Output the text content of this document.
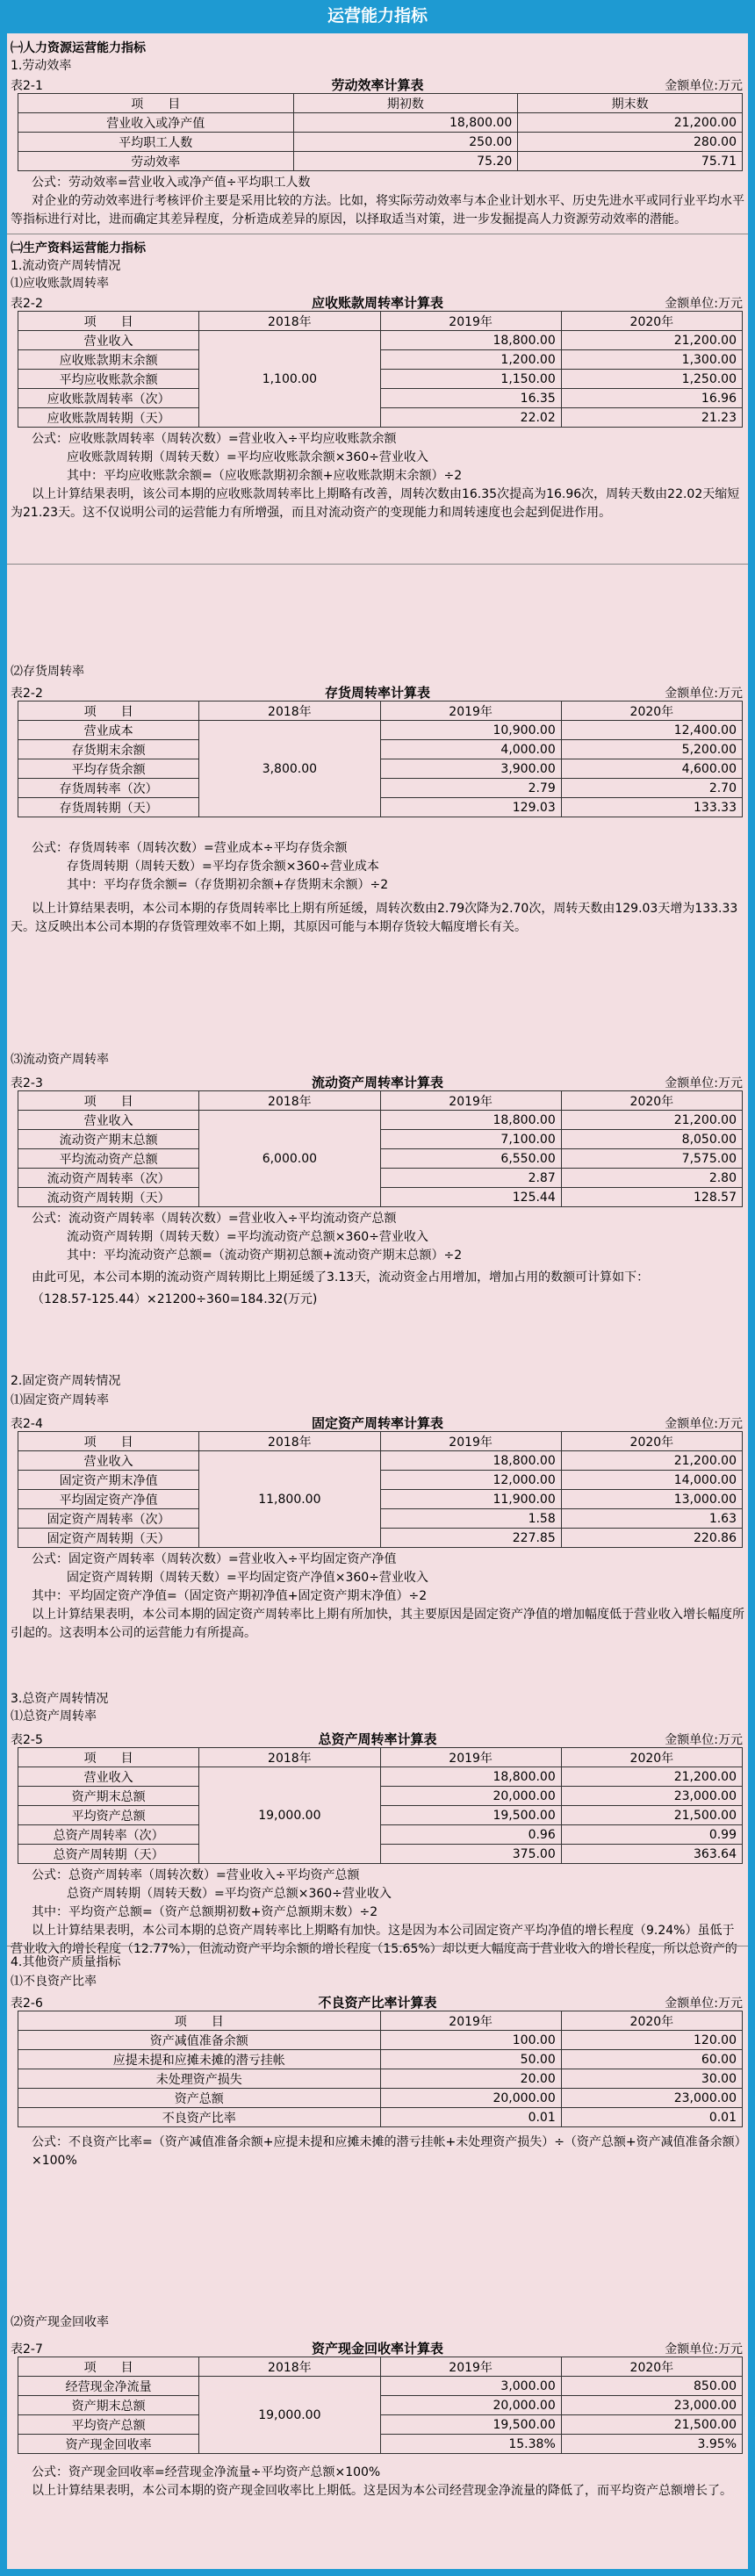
运营能力指标
㈠人力资源运营能力指标
1.劳动效率
表2-1	劳动效率计算表	金额单位:万元
项　　目	期初数	期末数
营业收入或净产值	18,800.00	21,200.00
平均职工人数	250.00	280.00
劳动效率	75.20	75.71
公式：劳动效率=营业收入或净产值÷平均职工人数
对企业的劳动效率进行考核评价主要是采用比较的方法。比如，将实际劳动效率与本企业计划水平、历史先进水平或同行业平均水平等指标进行对比，进而确定其差异程度，分析造成差异的原因，以择取适当对策，进一步发掘提高人力资源劳动效率的潜能。
㈡生产资料运营能力指标
1.流动资产周转情况
⑴应收账款周转率
表2-2	应收账款周转率计算表	金额单位:万元
项　　目	2018年	2019年	2020年
营业收入	1,100.00	18,800.00	21,200.00
应收账款期末余额		1,200.00	1,300.00
平均应收账款余额		1,150.00	1,250.00
应收账款周转率（次）		16.35	16.96
应收账款周转期（天）		22.02	21.23
公式：应收账款周转率（周转次数）=营业收入÷平均应收账款余额
应收账款周转期（周转天数）=平均应收账款余额×360÷营业收入
其中：平均应收账款余额=（应收账款期初余额+应收账款期末余额）÷2
以上计算结果表明，该公司本期的应收账款周转率比上期略有改善，周转次数由16.35次提高为16.96次，周转天数由22.02天缩短为21.23天。这不仅说明公司的运营能力有所增强，而且对流动资产的变现能力和周转速度也会起到促进作用。
⑵存货周转率
表2-2	存货周转率计算表	金额单位:万元
项　　目	2018年	2019年	2020年
营业成本	3,800.00	10,900.00	12,400.00
存货期末余额		4,000.00	5,200.00
平均存货余额		3,900.00	4,600.00
存货周转率（次）		2.79	2.70
存货周转期（天）		129.03	133.33
公式：存货周转率（周转次数）=营业成本÷平均存货余额
存货周转期（周转天数）=平均存货余额×360÷营业成本
其中：平均存货余额=（存货期初余额+存货期末余额）÷2
以上计算结果表明，本公司本期的存货周转率比上期有所延缓，周转次数由2.79次降为2.70次，周转天数由129.03天增为133.33天。这反映出本公司本期的存货管理效率不如上期，其原因可能与本期存货较大幅度增长有关。
⑶流动资产周转率
表2-3	流动资产周转率计算表	金额单位:万元
项　　目	2018年	2019年	2020年
营业收入	6,000.00	18,800.00	21,200.00
流动资产期末总额		7,100.00	8,050.00
平均流动资产总额		6,550.00	7,575.00
流动资产周转率（次）		2.87	2.80
流动资产周转期（天）		125.44	128.57
公式：流动资产周转率（周转次数）=营业收入÷平均流动资产总额
流动资产周转期（周转天数）=平均流动资产总额×360÷营业收入
其中：平均流动资产总额=（流动资产期初总额+流动资产期末总额）÷2
由此可见，本公司本期的流动资产周转期比上期延缓了3.13天，流动资金占用增加，增加占用的数额可计算如下：
（128.57-125.44）×21200÷360=184.32(万元)
2.固定资产周转情况
⑴固定资产周转率
表2-4	固定资产周转率计算表	金额单位:万元
项　　目	2018年	2019年	2020年
营业收入	11,800.00	18,800.00	21,200.00
固定资产期末净值		12,000.00	14,000.00
平均固定资产净值		11,900.00	13,000.00
固定资产周转率（次）		1.58	1.63
固定资产周转期（天）		227.85	220.86
公式：固定资产周转率（周转次数）=营业收入÷平均固定资产净值
固定资产周转期（周转天数）=平均固定资产净值×360÷营业收入
其中：平均固定资产净值=（固定资产期初净值+固定资产期末净值）÷2
以上计算结果表明，本公司本期的固定资产周转率比上期有所加快，其主要原因是固定资产净值的增加幅度低于营业收入增长幅度所引起的。这表明本公司的运营能力有所提高。
3.总资产周转情况
⑴总资产周转率
表2-5	总资产周转率计算表	金额单位:万元
项　　目	2018年	2019年	2020年
营业收入	19,000.00	18,800.00	21,200.00
资产期末总额		20,000.00	23,000.00
平均资产总额		19,500.00	21,500.00
总资产周转率（次）		0.96	0.99
总资产周转期（天）		375.00	363.64
公式：总资产周转率（周转次数）=营业收入÷平均资产总额
总资产周转期（周转天数）=平均资产总额×360÷营业收入
其中：平均资产总额=（资产总额期初数+资产总额期末数）÷2
以上计算结果表明，本公司本期的总资产周转率比上期略有加快。这是因为本公司固定资产平均净值的增长程度（9.24%）虽低于营业收入的增长程度（12.77%），但流动资产平均余额的增长程度（15.65%）却以更大幅度高于营业收入的增长程度，所以总资产的
4.其他资产质量指标
⑴不良资产比率
表2-6	不良资产比率计算表	金额单位:万元
项　　目	2019年	2020年
资产减值准备余额	100.00	120.00
应提未提和应摊未摊的潜亏挂帐	50.00	60.00
未处理资产损失	20.00	30.00
资产总额	20,000.00	23,000.00
不良资产比率	0.01	0.01
公式：不良资产比率=（资产减值准备余额+应提未提和应摊未摊的潜亏挂帐+未处理资产损失）÷（资产总额+资产减值准备余额）×100%
⑵资产现金回收率
表2-7	资产现金回收率计算表	金额单位:万元
项　　目	2018年	2019年	2020年
经营现金净流量	19,000.00	3,000.00	850.00
资产期末总额		20,000.00	23,000.00
平均资产总额		19,500.00	21,500.00
资产现金回收率		15.38%	3.95%
公式：资产现金回收率=经营现金净流量÷平均资产总额×100%
以上计算结果表明，本公司本期的资产现金回收率比上期低。这是因为本公司经营现金净流量的降低了，而平均资产总额增长了。
